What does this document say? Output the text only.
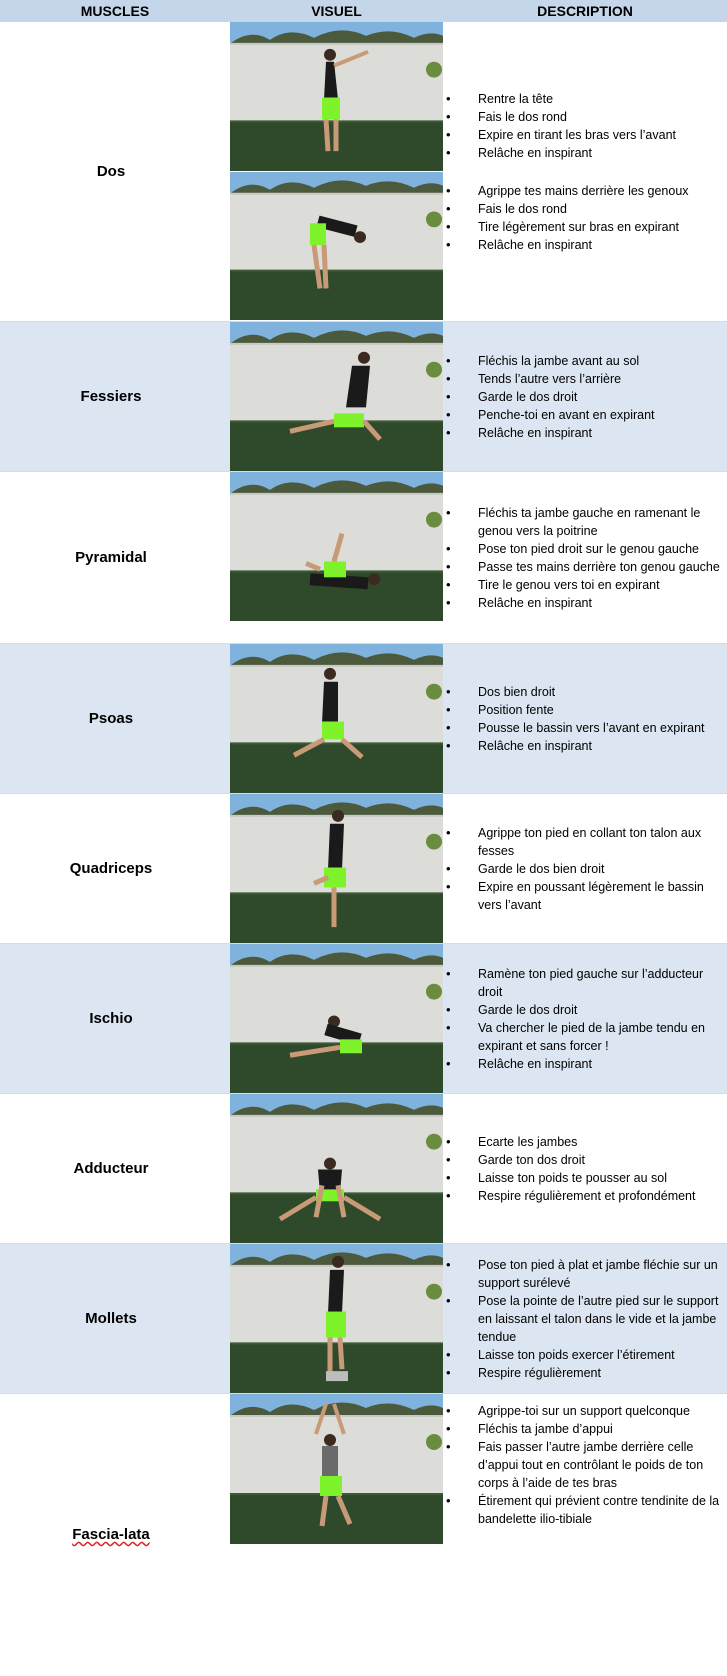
MUSCLES	VISUEL	DESCRIPTION
Dos
• Rentre la tête
• Fais le dos rond
• Expire en tirant les bras vers l’avant
• Relâche en inspirant
• Agrippe tes mains derrière les genoux
• Fais le dos rond
• Tire légèrement sur bras en expirant
• Relâche en inspirant
Fessiers
• Fléchis la jambe avant au sol
• Tends l’autre vers l’arrière
• Garde le dos droit
• Penche-toi en avant en expirant
• Relâche en inspirant
Pyramidal
• Fléchis ta jambe gauche en ramenant le genou vers la poitrine
• Pose ton pied droit sur le genou gauche
• Passe tes mains derrière ton genou gauche
• Tire le genou vers toi en expirant
• Relâche en inspirant
Psoas
• Dos bien droit
• Position fente
• Pousse le bassin vers l’avant en expirant
• Relâche en inspirant
Quadriceps
• Agrippe ton pied en collant ton talon aux fesses
• Garde le dos bien droit
• Expire en poussant légèrement le bassin vers l’avant
Ischio
• Ramène ton pied gauche sur l’adducteur droit
• Garde le dos droit
• Va chercher le pied de la jambe tendu en expirant et sans forcer !
• Relâche en inspirant
Adducteur
• Ecarte les jambes
• Garde ton dos droit
• Laisse ton poids te pousser au sol
• Respire régulièrement et profondément
Mollets
• Pose ton pied à plat et jambe fléchie sur un support surélevé
• Pose la pointe de l’autre pied sur le support en laissant el talon dans le vide et la jambe tendue
• Laisse ton poids exercer l’étirement
• Respire régulièrement
Fascia-lata
• Agrippe-toi sur un support quelconque
• Fléchis ta jambe d’appui
• Fais passer l’autre jambe derrière celle d’appui tout en contrôlant le poids de ton corps à l’aide de tes bras
• Étirement qui prévient contre tendinite de la bandelette ilio-tibiale
